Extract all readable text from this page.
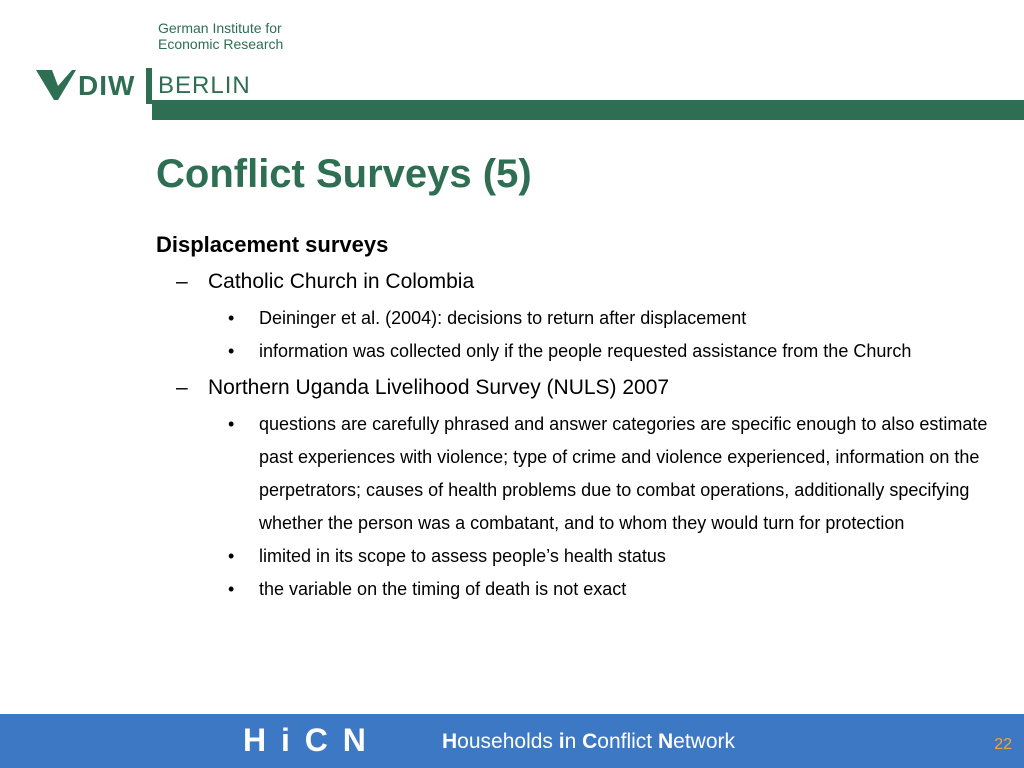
German Institute for
Economic Research
DIW BERLIN
Conflict Surveys (5)
Displacement surveys
– Catholic Church in Colombia
• Deininger et al. (2004): decisions to return after displacement
• information was collected only if the people requested assistance from the Church
– Northern Uganda Livelihood Survey (NULS) 2007
• questions are carefully phrased and answer categories are specific enough to also estimate past experiences with violence; type of crime and violence experienced, information on the perpetrators; causes of health problems due to combat operations, additionally specifying whether the person was a combatant, and to whom they would turn for protection
• limited in its scope to assess people’s health status
• the variable on the timing of death is not exact
H i C N	Households in Conflict Network	22
